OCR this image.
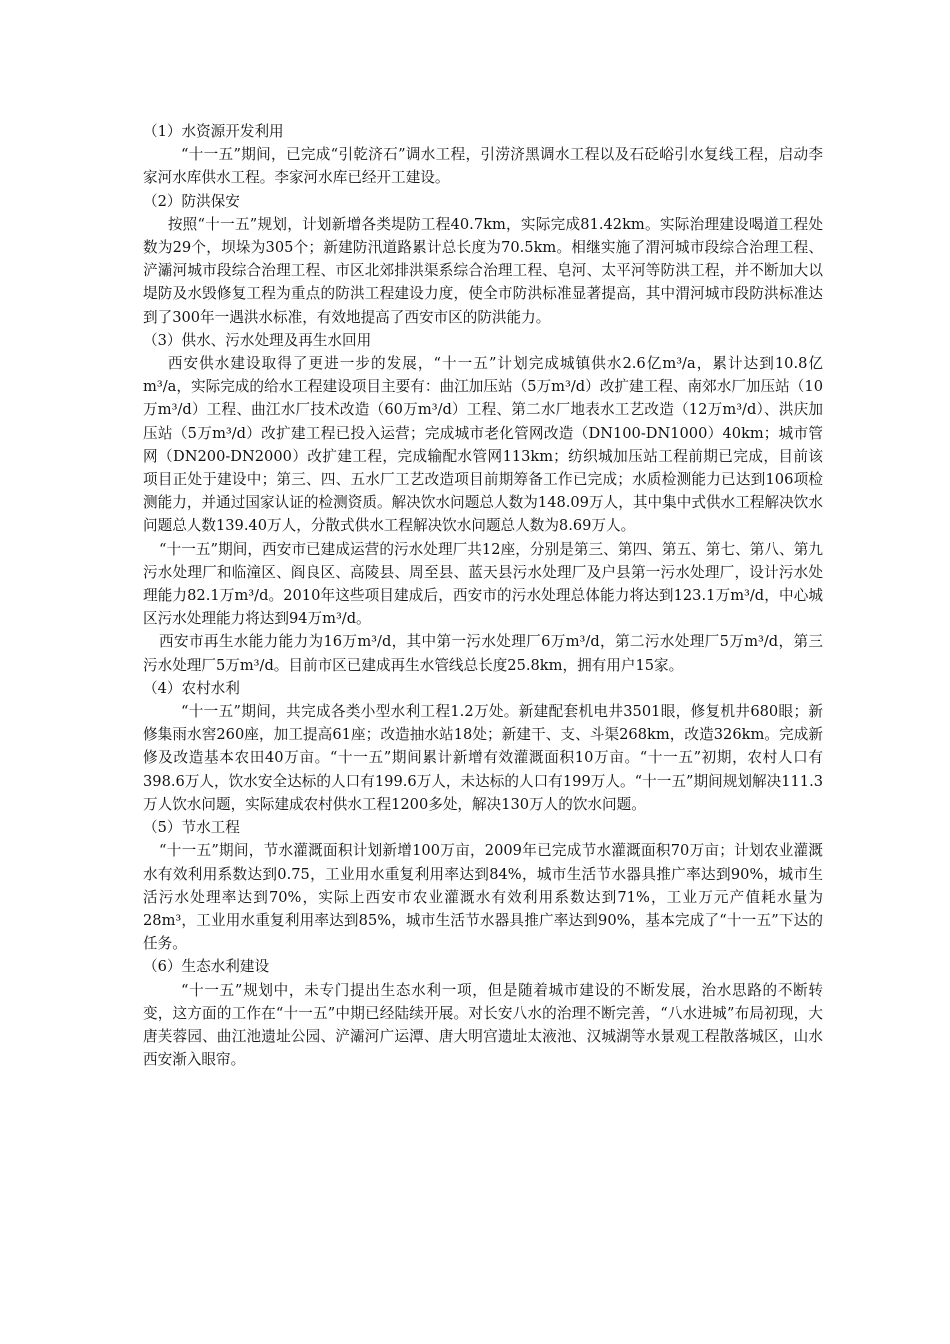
（1）水资源开发利用

“十一五”期间，已完成“引乾济石”调水工程，引涝济黑调水工程以及石砭峪引水复线工程，启动李家河水库供水工程。李家河水库已经开工建设。

（2）防洪保安

按照“十一五”规划，计划新增各类堤防工程40.7km，实际完成81.42km。实际治理建设喝道工程处数为29个，坝垛为305个；新建防汛道路累计总长度为70.5km。相继实施了渭河城市段综合治理工程、浐灞河城市段综合治理工程、市区北郊排洪渠系综合治理工程、皂河、太平河等防洪工程，并不断加大以堤防及水毁修复工程为重点的防洪工程建设力度，使全市防洪标准显著提高，其中渭河城市段防洪标准达到了300年一遇洪水标准，有效地提高了西安市区的防洪能力。

（3）供水、污水处理及再生水回用

西安供水建设取得了更进一步的发展，“十一五”计划完成城镇供水2.6亿m³/a，累计达到10.8亿m³/a，实际完成的给水工程建设项目主要有：曲江加压站（5万m³/d）改扩建工程、南郊水厂加压站（10万m³/d）工程、曲江水厂技术改造（60万m³/d）工程、第二水厂地表水工艺改造（12万m³/d）、洪庆加压站（5万m³/d）改扩建工程已投入运营；完成城市老化管网改造（DN100-DN1000）40km；城市管网（DN200-DN2000）改扩建工程，完成输配水管网113km；纺织城加压站工程前期已完成，目前该项目正处于建设中；第三、四、五水厂工艺改造项目前期筹备工作已完成；水质检测能力已达到106项检测能力，并通过国家认证的检测资质。解决饮水问题总人数为148.09万人，其中集中式供水工程解决饮水问题总人数139.40万人，分散式供水工程解决饮水问题总人数为8.69万人。

“十一五”期间，西安市已建成运营的污水处理厂共12座，分别是第三、第四、第五、第七、第八、第九污水处理厂和临潼区、阎良区、高陵县、周至县、蓝天县污水处理厂及户县第一污水处理厂，设计污水处理能力82.1万m³/d。2010年这些项目建成后，西安市的污水处理总体能力将达到123.1万m³/d，中心城区污水处理能力将达到94万m³/d。

西安市再生水能力能力为16万m³/d，其中第一污水处理厂6万m³/d，第二污水处理厂5万m³/d，第三污水处理厂5万m³/d。目前市区已建成再生水管线总长度25.8km，拥有用户15家。

（4）农村水利

“十一五”期间，共完成各类小型水利工程1.2万处。新建配套机电井3501眼，修复机井680眼；新修集雨水窖260座，加工提高61座；改造抽水站18处；新建干、支、斗渠268km，改造326km。完成新修及改造基本农田40万亩。“十一五”期间累计新增有效灌溉面积10万亩。“十一五”初期，农村人口有398.6万人，饮水安全达标的人口有199.6万人，未达标的人口有199万人。“十一五”期间规划解决111.3万人饮水问题，实际建成农村供水工程1200多处，解决130万人的饮水问题。

（5）节水工程

“十一五”期间，节水灌溉面积计划新增100万亩，2009年已完成节水灌溉面积70万亩；计划农业灌溉水有效利用系数达到0.75，工业用水重复利用率达到84%，城市生活节水器具推广率达到90%，城市生活污水处理率达到70%，实际上西安市农业灌溉水有效利用系数达到71%，工业万元产值耗水量为28m³，工业用水重复利用率达到85%，城市生活节水器具推广率达到90%，基本完成了“十一五”下达的任务。

（6）生态水利建设

“十一五”规划中，未专门提出生态水利一项，但是随着城市建设的不断发展，治水思路的不断转变，这方面的工作在“十一五”中期已经陆续开展。对长安八水的治理不断完善，“八水进城”布局初现，大唐芙蓉园、曲江池遗址公园、浐灞河广运潭、唐大明宫遗址太液池、汉城湖等水景观工程散落城区，山水西安渐入眼帘。
